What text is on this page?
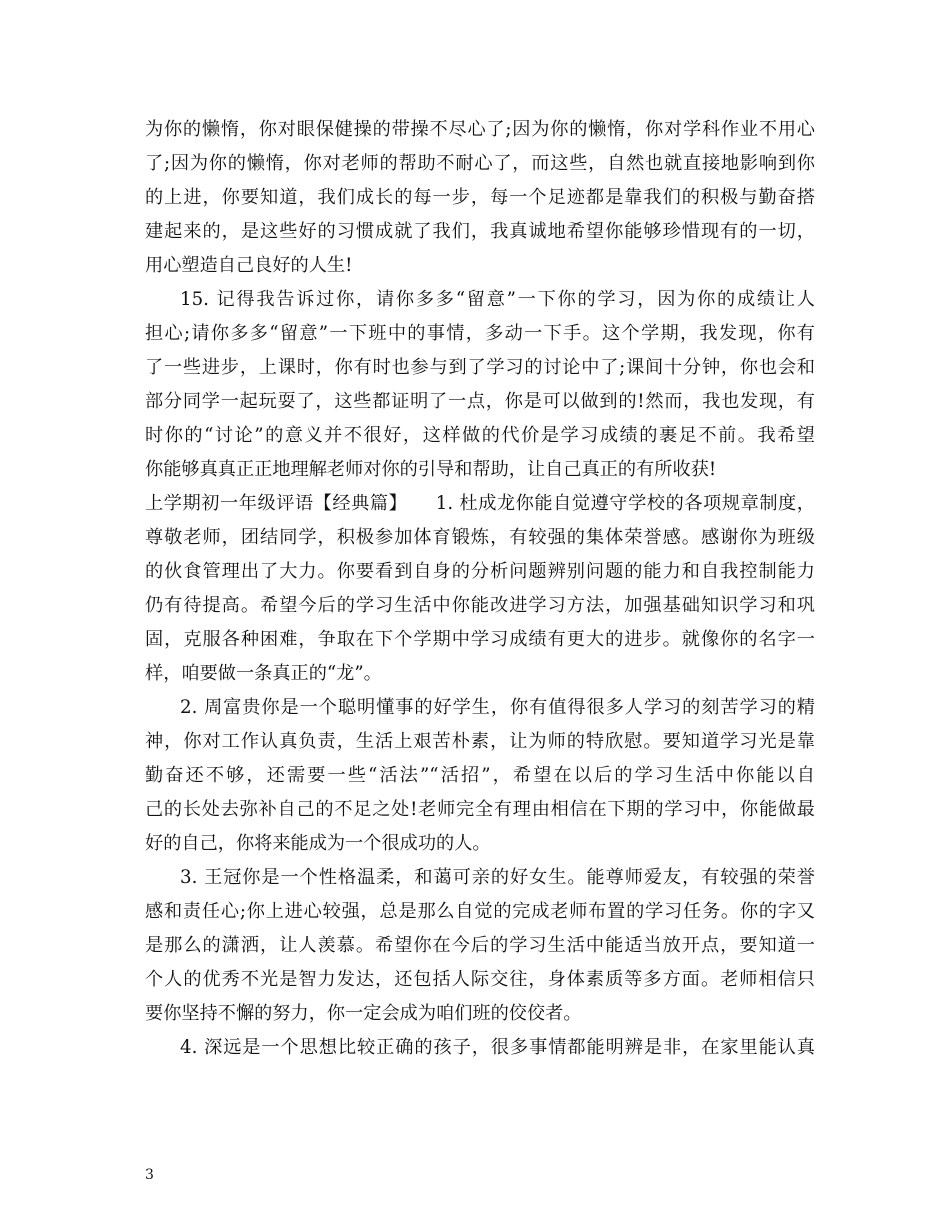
为你的懒惰，你对眼保健操的带操不尽心了;因为你的懒惰，你对学科作业不用心
了;因为你的懒惰，你对老师的帮助不耐心了，而这些，自然也就直接地影响到你
的上进，你要知道，我们成长的每一步，每一个足迹都是靠我们的积极与勤奋搭
建起来的，是这些好的习惯成就了我们，我真诚地希望你能够珍惜现有的一切，
用心塑造自己良好的人生!
15. 记得我告诉过你，请你多多“留意”一下你的学习，因为你的成绩让人
担心;请你多多“留意”一下班中的事情，多动一下手。这个学期，我发现，你有
了一些进步，上课时，你有时也参与到了学习的讨论中了;课间十分钟，你也会和
部分同学一起玩耍了，这些都证明了一点，你是可以做到的!然而，我也发现，有
时你的“讨论”的意义并不很好，这样做的代价是学习成绩的裹足不前。我希望
你能够真真正正地理解老师对你的引导和帮助，让自己真正的有所收获!
上学期初一年级评语【经典篇】　　1. 杜成龙你能自觉遵守学校的各项规章制度，
尊敬老师，团结同学，积极参加体育锻炼，有较强的集体荣誉感。感谢你为班级
的伙食管理出了大力。你要看到自身的分析问题辨别问题的能力和自我控制能力
仍有待提高。希望今后的学习生活中你能改进学习方法，加强基础知识学习和巩
固，克服各种困难，争取在下个学期中学习成绩有更大的进步。就像你的名字一
样，咱要做一条真正的“龙”。
2. 周富贵你是一个聪明懂事的好学生，你有值得很多人学习的刻苦学习的精
神，你对工作认真负责，生活上艰苦朴素，让为师的特欣慰。要知道学习光是靠
勤奋还不够，还需要一些“活法”“活招”，希望在以后的学习生活中你能以自
己的长处去弥补自己的不足之处!老师完全有理由相信在下期的学习中，你能做最
好的自己，你将来能成为一个很成功的人。
3. 王冠你是一个性格温柔，和蔼可亲的好女生。能尊师爱友，有较强的荣誉
感和责任心;你上进心较强，总是那么自觉的完成老师布置的学习任务。你的字又
是那么的潇洒，让人羡慕。希望你在今后的学习生活中能适当放开点，要知道一
个人的优秀不光是智力发达，还包括人际交往，身体素质等多方面。老师相信只
要你坚持不懈的努力，你一定会成为咱们班的佼佼者。
4. 深远是一个思想比较正确的孩子，很多事情都能明辨是非，在家里能认真
3
